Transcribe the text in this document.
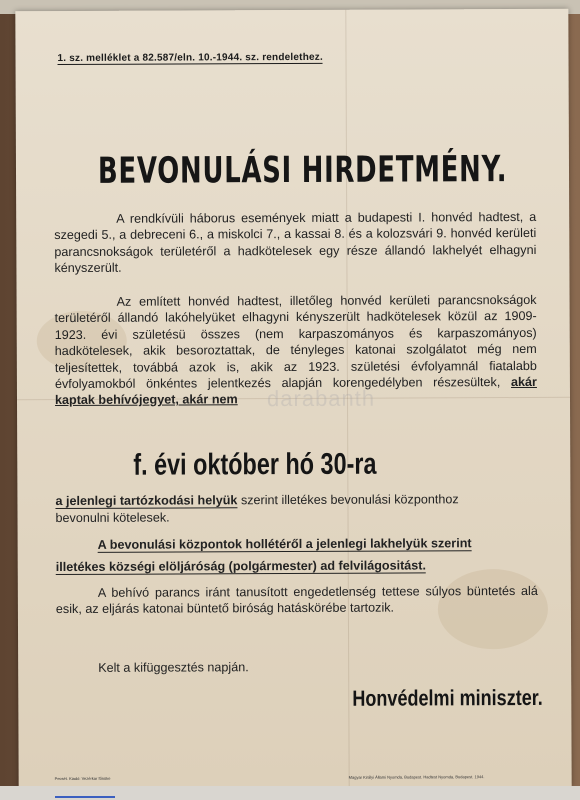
1. sz. melléklet a 82.587/eln. 10.-1944. sz. rendelethez.
BEVONULÁSI HIRDETMÉNY.
A rendkívüli háborus események miatt a budapesti I. honvéd hadtest, a szegedi 5., a debreceni 6., a miskolci 7., a kassai 8. és a kolozsvári 9. honvéd kerületi parancsnokságok területéről a hadkötelesek egy része állandó lakhelyét elhagyni kényszerült.
Az említett honvéd hadtest, illetőleg honvéd kerületi parancsnokságok területéről állandó lakóhelyüket elhagyni kényszerült hadkötelesek közül az 1909-1923. évi születésü összes (nem karpaszományos és karpaszományos) hadkötelesek, akik besoroztattak, de tényleges katonai szolgálatot még nem teljesítettek, továbbá azok is, akik az 1923. születési évfolyamnál fiatalabb évfolyamokból önkéntes jelentkezés alapján korengedélyben részesültek, akár kaptak behívójegyet, akár nem	darabanth
f. évi október hó 30-ra
a jelenlegi tartózkodási helyük szerint illetékes bevonulási központhoz
bevonulni kötelesek.
A bevonulási központok hollétéről a jelenlegi lakhelyük szerint
illetékes községi elöljáróság (polgármester) ad felvilágositást.
A behívó parancs iránt tanusított engedetlenség tettese súlyos büntetés alá esik, az eljárás katonai büntető biróság hatáskörébe tartozik.
Kelt a kifüggesztés napján.
Honvédelmi miniszter.
Pecsét. Kiadó: Vezérkar főnöke	Magyar Királyi Állami Nyomda, Budapest. Hadtest Nyomda, Budapest. 1944.
